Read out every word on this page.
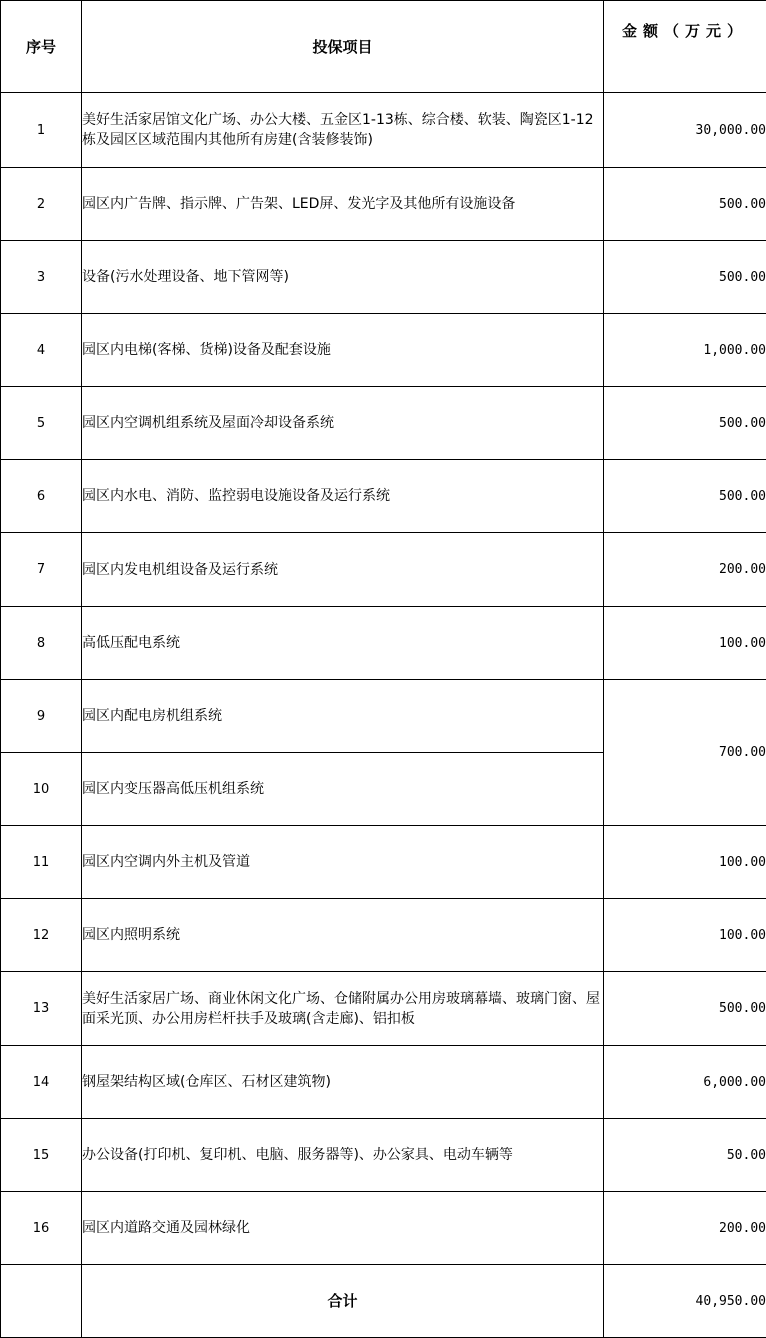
序号	投保项目	金额（万元）
1	美好生活家居馆文化广场、办公大楼、五金区1-13栋、综合楼、软装、陶瓷区1-12栋及园区区域范围内其他所有房建(含装修装饰)	30,000.00
2	园区内广告牌、指示牌、广告架、LED屏、发光字及其他所有设施设备	500.00
3	设备(污水处理设备、地下管网等)	500.00
4	园区内电梯(客梯、货梯)设备及配套设施	1,000.00
5	园区内空调机组系统及屋面冷却设备系统	500.00
6	园区内水电、消防、监控弱电设施设备及运行系统	500.00
7	园区内发电机组设备及运行系统	200.00
8	高低压配电系统	100.00
9	园区内配电房机组系统	700.00
10	园区内变压器高低压机组系统	
11	园区内空调内外主机及管道	100.00
12	园区内照明系统	100.00
13	美好生活家居广场、商业休闲文化广场、仓储附属办公用房玻璃幕墙、玻璃门窗、屋面采光顶、办公用房栏杆扶手及玻璃(含走廊)、铝扣板	500.00
14	钢屋架结构区域(仓库区、石材区建筑物)	6,000.00
15	办公设备(打印机、复印机、电脑、服务器等)、办公家具、电动车辆等	50.00
16	园区内道路交通及园林绿化	200.00
	合计	40,950.00
